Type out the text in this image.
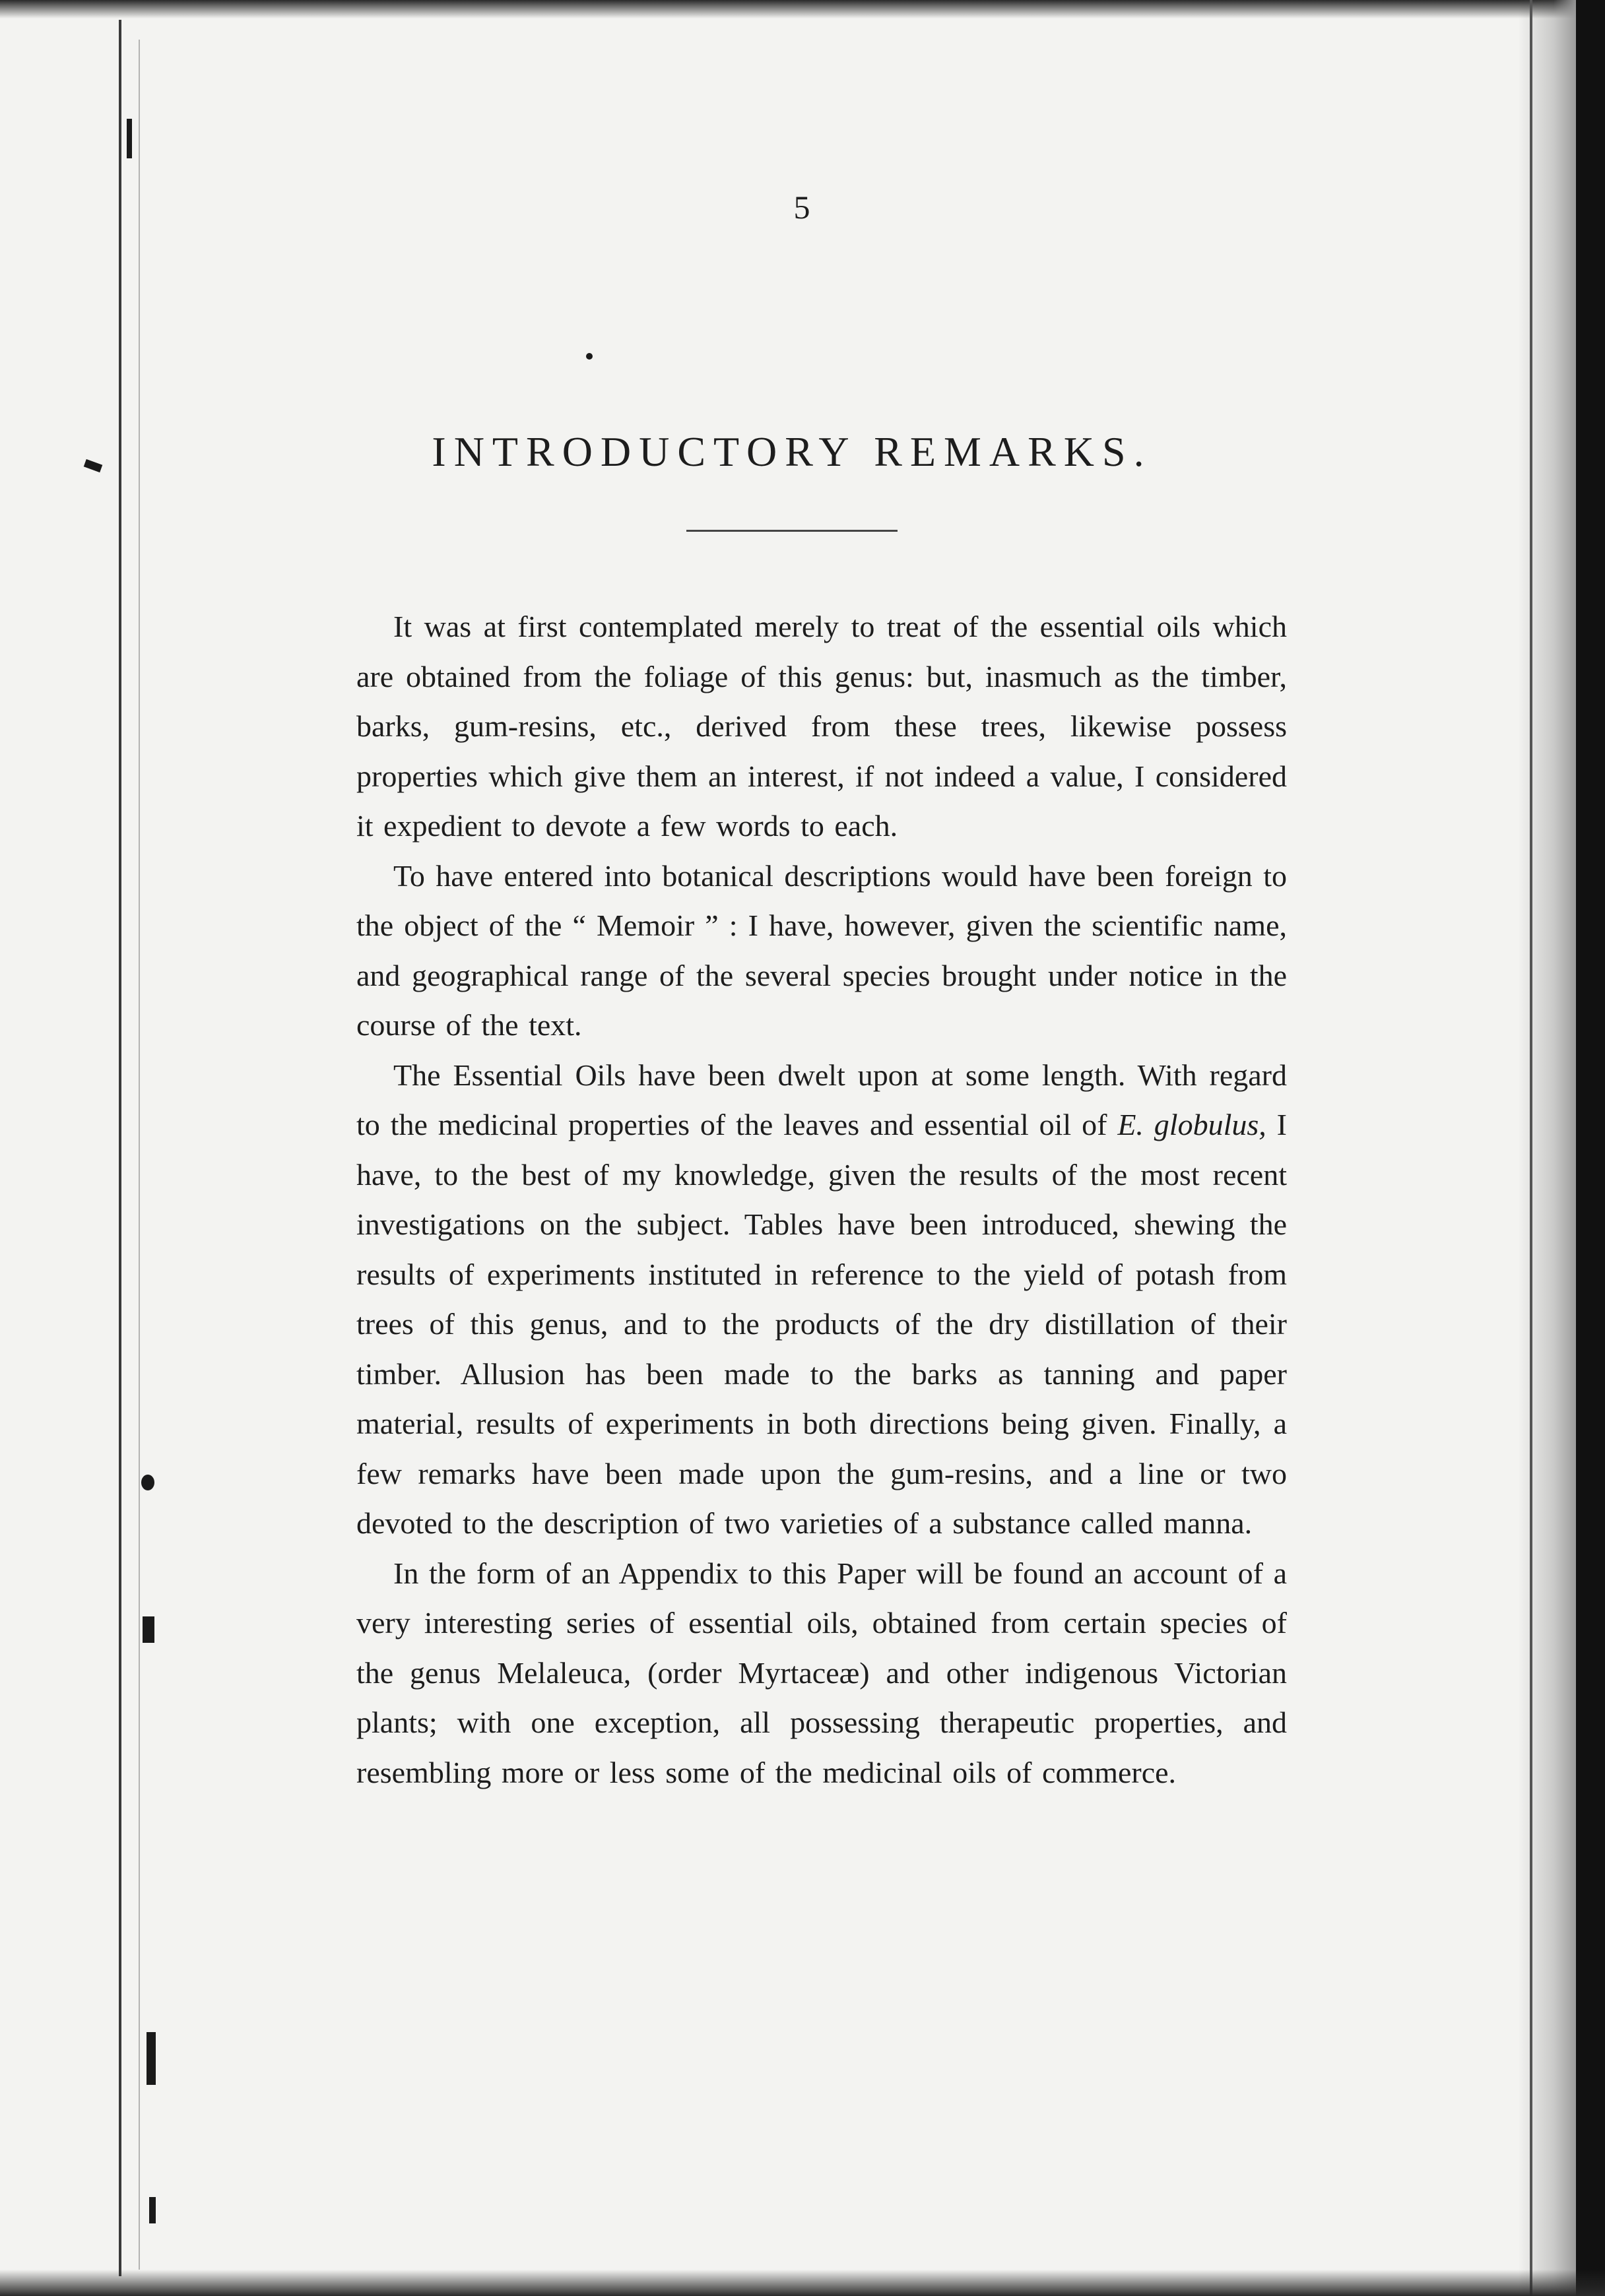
5
INTRODUCTORY REMARKS.

It was at first contemplated merely to treat of the essential oils which are obtained from the foliage of this genus: but, inasmuch as the timber, barks, gum-resins, etc., derived from these trees, likewise possess properties which give them an interest, if not indeed a value, I considered it expedient to devote a few words to each.

To have entered into botanical descriptions would have been foreign to the object of the “ Memoir ” : I have, however, given the scientific name, and geographical range of the several species brought under notice in the course of the text.

The Essential Oils have been dwelt upon at some length. With regard to the medicinal properties of the leaves and essential oil of E. globulus, I have, to the best of my knowledge, given the results of the most recent investigations on the subject. Tables have been introduced, shewing the results of experiments instituted in reference to the yield of potash from trees of this genus, and to the products of the dry distillation of their timber. Allusion has been made to the barks as tanning and paper material, results of experiments in both directions being given. Finally, a few remarks have been made upon the gum-resins, and a line or two devoted to the description of two varieties of a substance called manna.

In the form of an Appendix to this Paper will be found an account of a very interesting series of essential oils, obtained from certain species of the genus Melaleuca, (order Myrtaceæ) and other indigenous Victorian plants; with one exception, all possessing therapeutic properties, and resembling more or less some of the medicinal oils of commerce.
